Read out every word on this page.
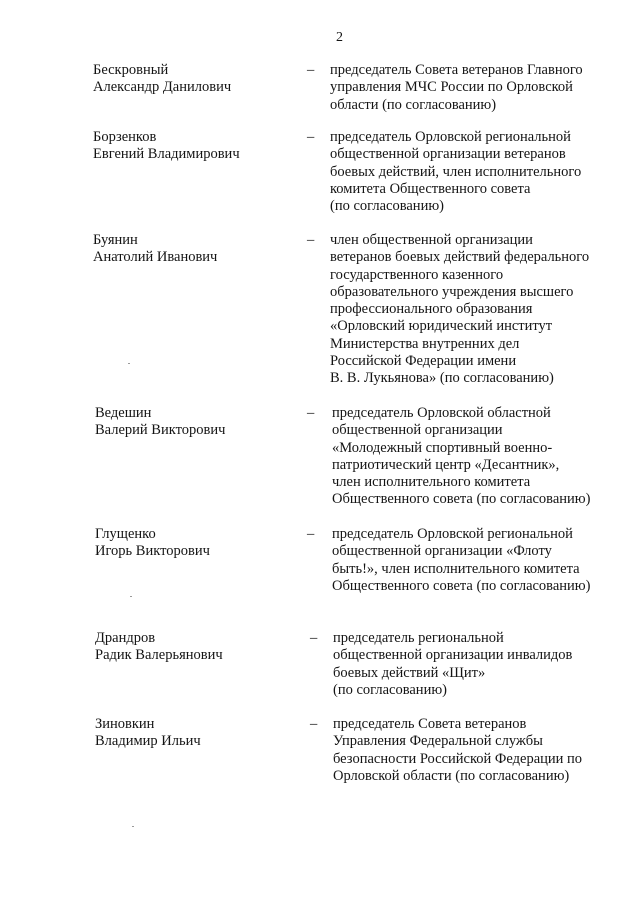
2
Бескровный
Александр Данилович
– председатель Совета ветеранов Главного
управления МЧС России по Орловской
области (по согласованию)
Борзенков
Евгений Владимирович
– председатель Орловской региональной
общественной организации ветеранов
боевых действий, член исполнительного
комитета Общественного совета
(по согласованию)
Буянин
Анатолий Иванович
– член общественной организации
ветеранов боевых действий федерального
государственного казенного
образовательного учреждения высшего
профессионального образования
«Орловский юридический институт
Министерства внутренних дел
Российской Федерации имени
В. В. Лукьянова» (по согласованию)
Ведешин
Валерий Викторович
– председатель Орловской областной
общественной организации
«Молодежный спортивный военно-
патриотический центр «Десантник»,
член исполнительного комитета
Общественного совета (по согласованию)
Глущенко
Игорь Викторович
– председатель Орловской региональной
общественной организации «Флоту
быть!», член исполнительного комитета
Общественного совета (по согласованию)
Драндров
Радик Валерьянович
– председатель региональной
общественной организации инвалидов
боевых действий «Щит»
(по согласованию)
Зиновкин
Владимир Ильич
– председатель Совета ветеранов
Управления Федеральной службы
безопасности Российской Федерации по
Орловской области (по согласованию)
